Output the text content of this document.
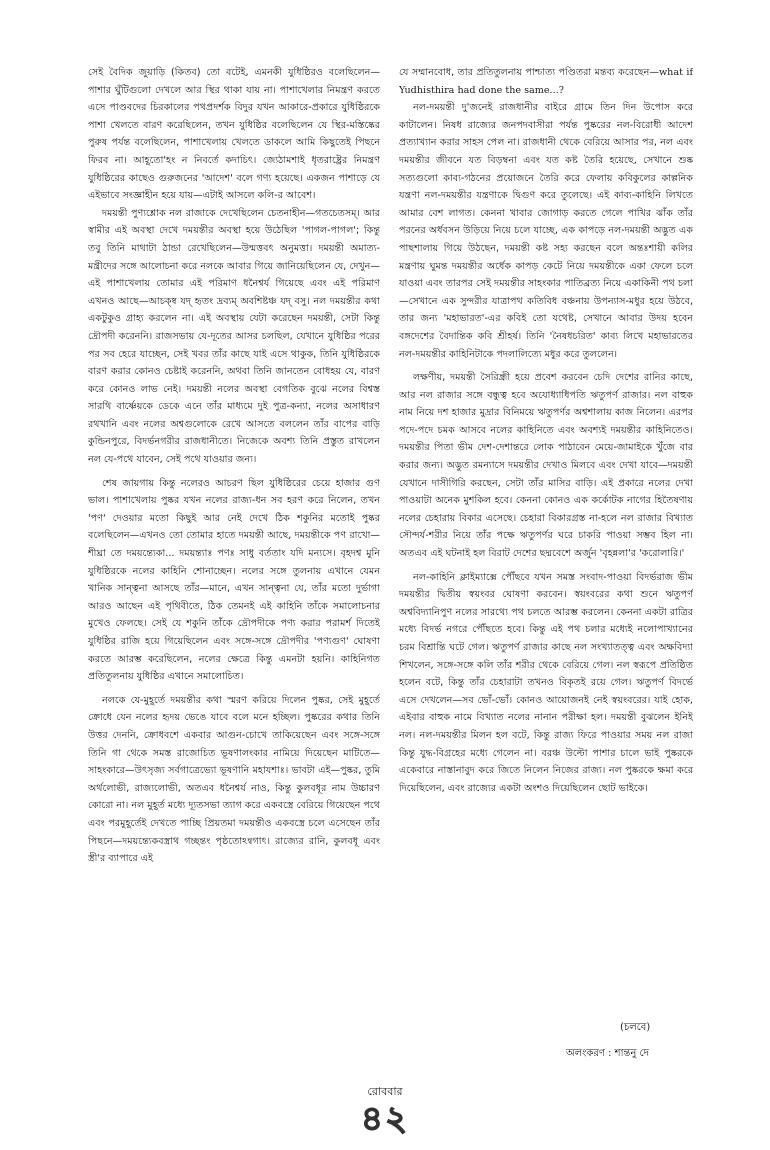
সেই বৈদিক জুয়াড়ি (কিতব) তো বটেই, এমনকী যুধিষ্ঠিরও বলেছিলেন—পাশার ঘুঁটিগুলো দেখলে আর স্থির থাকা যায় না। পাশাখেলার নিমন্ত্রণ করতে এসে পাণ্ডবদের চিরকালের পথপ্রদর্শক বিদুর যখন আকারে-প্রকারে যুধিষ্ঠিরকে পাশা খেলতে বারণ করেছিলেন, তখন যুধিষ্ঠির বলেছিলেন যে স্থির-মস্তিষ্কের পুরুষ পর্যন্ত বলেছিলেন, পাশাখেলায় খেলতে ডাকলে আমি কিছুতেই পিছনে ফিরব না। আহূতো'হং ন নিবর্তে কদাচিৎ। জ্যেঠামশাই ধৃতরাষ্ট্রের নিমন্ত্রণ যুধিষ্ঠিরের কাছেও গুরুজনের 'আদেশ' বলে গণ্য হয়েছে। একজন পাশাড়ে যে এইভাবে সংজ্ঞাহীন হয়ে যায়—এটাই আসলে কলি-র আবেশ।

দময়ন্তী পুণ্যশ্লোক নল রাজাকে দেখেছিলেন চেতনাহীন—গতচেতসম্। আর স্বামীর এই অবস্থা দেখে দময়ন্তীর অবস্থা হয়ে উঠেছিল 'পাগল-পাগল'; কিন্তু তবু তিনি মাথাটা ঠান্ডা রেখেছিলেন—উন্মত্তবৎ অনুমত্তা। দময়ন্তী অমাত্য-মন্ত্রীদের সঙ্গে আলোচনা করে নলকে আবার গিয়ে জানিয়েছিলেন যে, দেখুন—এই পাশাখেলায় তোমার এই পরিমাণ ধনৈশ্বর্য গিয়েছে এবং এই পরিমাণ এখনও আছে—আচক্ষ্ব যদ্ হৃতং দ্রব্যম্ অবশিষ্টঞ্চ যদ্ বসু। নল দময়ন্তীর কথা একটুকুও গ্রাহ্য করলেন না। এই অবস্থায় যেটা করেছেন দময়ন্তী, সেটা কিন্তু দ্রৌপদী করেননি। রাজসভায় যে-দূতের আসর চলছিল, যেখানে যুধিষ্ঠির পরের পর সব হেরে যাচ্ছেন, সেই খবর তাঁর কাছে যাই এসে থাকুক, তিনি যুধিষ্ঠিরকে বারণ করার কোনও চেষ্টাই করেননি, অথবা তিনি জানতেন বোধহয় যে, বারণ করে কোনও লাভ নেই। দময়ন্তী নলের অবস্থা বেগতিক বুঝে নলের বিশ্বস্ত সারথি বার্ষ্ণেয়কে ডেকে এনে তাঁর মাধ্যমে দুই পুত্র-কন্যা, নলের অসাধারণ রথখানি এবং নলের অশ্বগুলোকে রেখে আসতে বললেন তাঁর বাপের বাড়ি কুন্ডিনপুরে, বিদর্ভনগরীর রাজধানীতে। নিজেকে অবশ্য তিনি প্রস্তুত রাখলেন নল যে-পথে যাবেন, সেই পথে যাওয়ার জন্য।

শেষ জায়গায় কিন্তু নলেরও আচরণ ছিল যুধিষ্ঠিরের চেয়ে হাজার গুণ ভাল। পাশাখেলায় পুষ্কর যখন নলের রাজ্য-ধন সব হরণ করে নিলেন, তখন 'পণ' দেওয়ার মতো কিছুই আর নেই দেখে ঠিক শকুনির মতোই পুষ্কর বলেছিলেন—এখনও তো তোমার হাতে দময়ন্তী আছে, দময়ন্তীকে পণ রাখো—শীঘ্রা তে দময়ন্ত্যেকা... দময়ন্ত্যাঃ পণঃ সাধু বর্ততাং যদি মন্যসে। বৃহদশ্ব মুনি যুধিষ্ঠিরকে নলের কাহিনি শোনাচ্ছেন। নলের সঙ্গে তুলনায় এখানে যেমন খানিক সান্ত্বনা আসছে তাঁর—মানে, এখন সান্ত্বনা যে, তাঁর মতো দুর্ভাগা আরও আছেন এই পৃথিবীতে, ঠিক তেমনই এই কাহিনি তাঁকে সমালোচনার মুখেও ফেলছে। সেই যে শকুনি তাঁকে দ্রৌপদীকে পণ্য করার পরামর্শ দিতেই যুধিষ্ঠির রাজি হয়ে গিয়েছিলেন এবং সঙ্গে-সঙ্গে দ্রৌপদীর 'পণ্যগুণ' ঘোষণা করতে আরম্ভ করেছিলেন, নলের ক্ষেত্রে কিন্তু এমনটা হয়নি। কাহিনিগত প্রতিতুলনায় যুধিষ্ঠির এখানে সমালোচিত।

নলকে যে-মুহূর্তে দময়ন্তীর কথা স্মরণ করিয়ে দিলেন পুষ্কর, সেই মুহূর্তে ক্রোধে যেন নলের হৃদয় ভেঙে যাবে বলে মনে হচ্ছিল। পুষ্করের কথার তিনি উত্তর দেননি, ক্রোধবশে একবার আগুন-চোখে তাকিয়েছেন এবং সঙ্গে-সঙ্গে তিনি গা থেকে সমস্ত রাজোচিত ভূষণালংকার নামিয়ে দিয়েছেন মাটিতে—সাহংকারে—উৎসৃজ্য সর্বগাত্রেভ্যো ভূষণানি মহাযশাঃ। ভাবটা এই—পুষ্কর, তুমি অর্থলোভী, রাজ্যলোভী, অতএব ধনৈশ্বর্য নাও, কিন্তু কুলবধূর নাম উচ্চারণ কোরো না। নল মুহূর্ত মধ্যে দ্যূতসভা ত্যাগ করে একবস্ত্রে বেরিয়ে গিয়েছেন পথে এবং পরমুহূর্তেই দেখতে পাচ্ছি প্রিয়তমা দময়ন্তীও একবস্ত্রে চলে এসেছেন তাঁর পিছনে—দময়ন্ত্যেকবস্ত্রাথ গচ্ছন্তং পৃষ্ঠতোঽন্বগাৎ। রাজ্যের রানি, কুলবধূ এবং স্ত্রী'র ব্যাপারে এই

যে সম্মানবোধ, তার প্রতিতুলনায় পাশ্চাত্য পণ্ডিতরা মন্তব্য করেছেন—what if Yudhisthira had done the same...?

নল-দময়ন্তী দু'জনেই রাজধানীর বাইরে গ্রামে তিন দিন উপোস করে কাটালেন। নিষধ রাজ্যের জনপদবাসীরা পর্যন্ত পুষ্করের নল-বিরোধী আদেশ প্রত্যাখ্যান করার সাহস পেল না। রাজধানী থেকে বেরিয়ে আসার পর, নল এবং দময়ন্তীর জীবনে যত বিড়ম্বনা এবং যত কষ্ট তৈরি হয়েছে, সেখানে শুষ্ক সত্যগুলো কাব্য-গঠনের প্রয়োজনে তৈরি করে ফেলায় কবিকুলের কাল্পনিক যন্ত্রণা নল-দময়ন্তীর যন্ত্রণাকে দ্বিগুণ করে তুলেছে। এই কাব্য-কাহিনি লিখতে আমার বেশ লাগত। কেননা খাবার জোগাড় করতে গেলে পাখির ঝাঁক তাঁর পরনের অর্ধবসন উড়িয়ে নিয়ে চলে যাচ্ছে, এক কাপড়ে নল-দময়ন্তী অদ্ভুত এক পাছশালায় গিয়ে উঠছেন, দময়ন্তী কষ্ট সহ্য করছেন বলে অন্তঃশায়ী কলির মন্ত্রণায় ঘুমন্ত দময়ন্তীর অর্ধেক কাপড় কেটে নিয়ে দময়ন্তীকে একা ফেলে চলে যাওয়া এবং তারপর সেই দময়ন্তীর সাহংকার পাতিব্রত্য নিয়ে একাকিনী পথ চলা—সেখানে এক সুন্দরীর যাত্রাপথ কতিবিধ বঞ্চনায় উপন্যাস-মধুর হয়ে উঠবে, তার জন্য 'মহাভারত'-এর কবিই তো যথেষ্ট, সেখানে আবার উদয় হবেন বঙ্গদেশের বৈদান্তিক কবি শ্রীহর্ষ। তিনি 'নৈষধচরিত' কাব্য লিখে মহাভারতের নল-দময়ন্তীর কাহিনিটাকে পদলালিত্যে মধুর করে তুললেন।

লক্ষণীয়, দময়ন্তী সৈরিন্ধ্রী হয়ে প্রবেশ করবেন চেদি দেশের রানির কাছে, আর নল রাজার সঙ্গে বন্ধুত্ব হবে অযোধ্যাধিপতি ঋতুপর্ণ রাজার। নল বাহুক নাম নিয়ে দশ হাজার মুদ্রার বিনিময়ে ঋতুপর্ণর অশ্বশালায় কাজ নিলেন। এরপর পদে-পদে চমক আসবে নলের কাহিনিতে এবং অবশ্যই দময়ন্তীর কাহিনিতেও। দময়ন্তীর পিতা ভীম দেশ-দেশান্তরে লোক পাঠাবেন মেয়ে-জামাইকে খুঁজে বার করার জন্য। অদ্ভুত রমন্যাসে দময়ন্তীর দেখাও মিলবে এবং দেখা যাবে—দময়ন্তী যেখানে দাসীগিরি করছেন, সেটা তাঁর মাসির বাড়ি। এই প্রকারে নলের দেখা পাওয়াটা অনেক মুশকিল হবে। কেননা কোনও এক কর্কোটক নাগের হিতৈষণায় নলের চেহারায় বিকার এসেছে। চেহারা বিকারগ্রস্ত না-হলে নল রাজার বিখ্যাত সৌন্দর্য-শরীর নিয়ে তাঁর পক্ষে ঋতুপর্ণর ঘরে চাকরি পাওয়া সম্ভব হিল না। অতএব এই ঘটনাই হল বিরাট দেশের ছদ্মবেশে অর্জুন 'বৃহন্নলা'র 'করোলারি।'

নল-কাহিনি ক্লাইম্যাক্সে পৌঁছবে যখন সমস্ত সংবাদ-পাওয়া বিদর্ভরাজ ভীম দময়ন্তীর দ্বিতীয় স্বয়ংবর ঘোষণা করবেন। স্বয়ংবরের কথা শুনে ঋতুপর্ণ অশ্ববিদ্যানিপুণ নলের সারথ্যে পথ চলতে আরম্ভ করলেন। কেননা একটা রাত্রির মধ্যে বিদর্ভ নগরে পৌঁছতে হবে। কিন্তু এই পথ চলার মধ্যেই নলোপাখ্যানের চরম বিশ্রান্তি ঘটে গেল। ঋতুপর্ণ রাজার কাছে নল সংখ্যাতত্ত্ব এবং অক্ষবিদ্যা শিখলেন, সঙ্গে-সঙ্গে কলি তাঁর শরীর থেকে বেরিয়ে গেল। নল স্বরূপে প্রতিষ্ঠিত হলেন বটে, কিন্তু তাঁর চেহারাটা তখনও বিকৃতই রয়ে গেল। ঋতুপর্ণ বিদর্ভে এসে দেখলেন—সব ভোঁ-ভোঁ। কোনও আয়োজনই নেই স্বয়ংবরের। যাই হোক, এইবার বাহুক নামে বিখ্যাত নলের নানান পরীক্ষা হল। দময়ন্তী বুঝলেন ইনিই নল। নল-দময়ন্তীর মিলন হল বটে, কিন্তু রাজ্য ফিরে পাওয়ার সময় নল রাজা কিন্তু যুদ্ধ-বিগ্রহের মধ্যে গেলেন না। বরঞ্চ উল্টো পাশার চালে ভাই পুষ্করকে একেবারে নাস্তানাবুদ করে জিতে নিলেন নিজের রাজ্য। নল পুষ্করকে ক্ষমা করে দিয়েছিলেন, এবং রাজ্যের একটা অংশও দিয়েছিলেন ছোট ভাইকে।

(চলবে)
অলংকরণ : শান্তনু দে
রোববার
৪২
